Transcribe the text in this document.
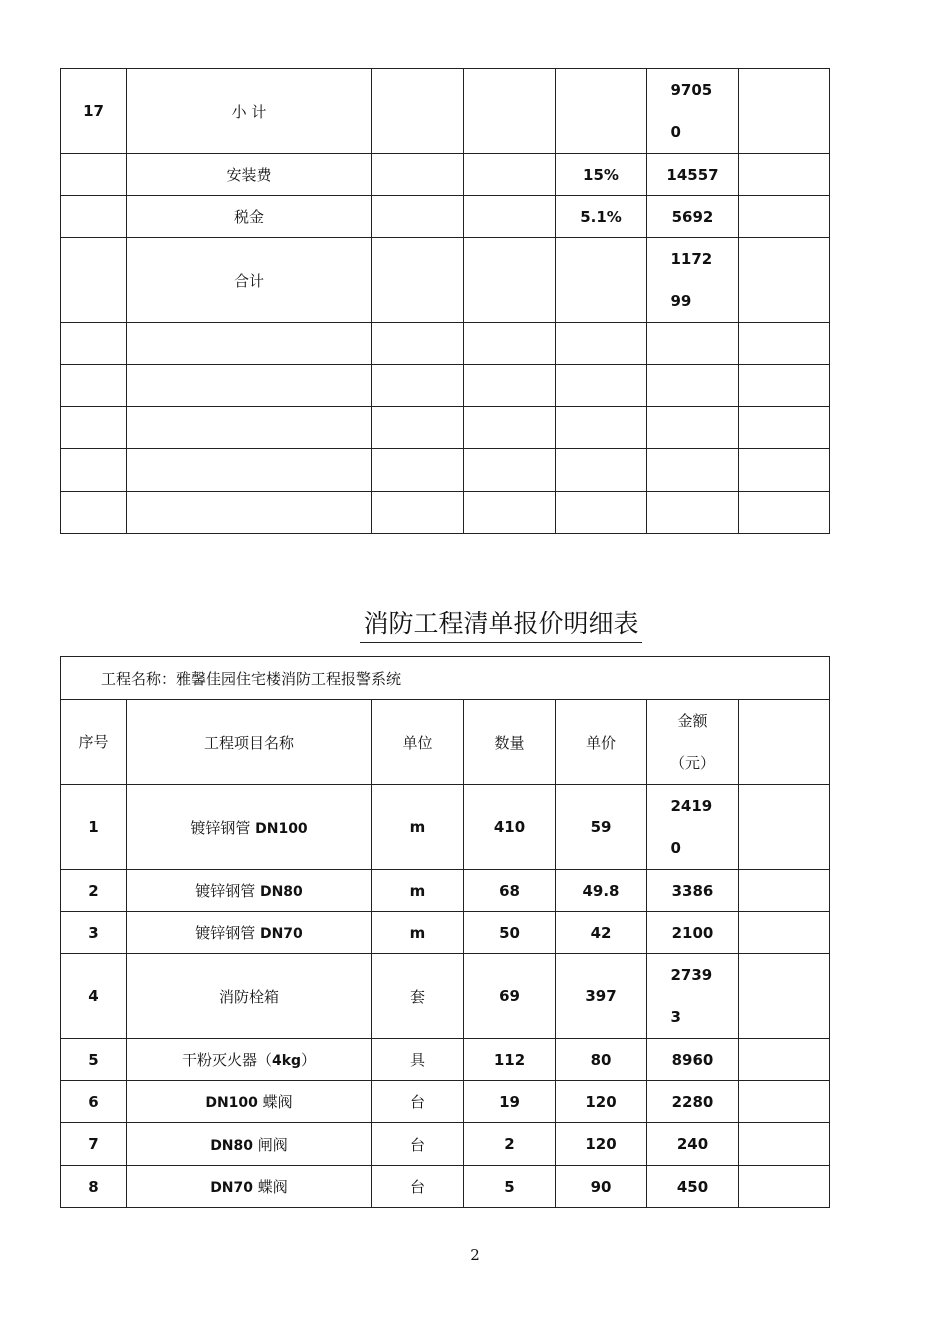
17	小 计				97050	
	安装费			15%	14557	
	税金			5.1%	5692	
	合计				117299	

消防工程清单报价明细表
工程名称：雅馨佳园住宅楼消防工程报警系统						
序号	工程项目名称	单位	数量	单价	金额（元）	
1	镀锌钢管 DN100	m	410	59	24190	
2	镀锌钢管 DN80	m	68	49.8	3386	
3	镀锌钢管 DN70	m	50	42	2100	
4	消防栓箱	套	69	397	27393	
5	干粉灭火器（4kg）	具	112	80	8960	
6	DN100 蝶阀	台	19	120	2280	
7	DN80 闸阀	台	2	120	240	
8	DN70 蝶阀	台	5	90	450	
2
